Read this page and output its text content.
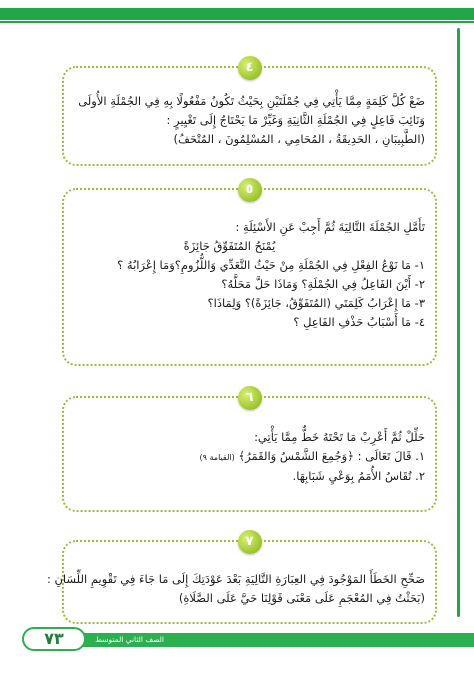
٤
ضَعْ كُلَّ كَلِمَةٍ مِمَّا يَأْتِي فِي جُمْلَتَيْنِ بِحَيْثُ تَكُونُ مَفْعُولًا بِهِ فِي الجُمْلَةِ الأُولَى
وَنَائِبَ فَاعِلٍ فِي الجُمْلَةِ الثَّانِيَةِ وَغَيِّرْ مَا يَحْتَاجُ إِلَى تَغْيِيرٍ :
(الطَّبِيبَانِ ، الحَدِيقَةُ ، المُحَامِي ، المُسْلِمُونَ ، المُتْحَفُ)
٥
تَأَمَّلِ الجُمْلَةَ التَّالِيَةَ ثُمَّ أَجِبْ عَنِ الأَسْئِلَةِ :
يُمْنَحُ المُتَفَوِّقُ جَائِزَةً
١- مَا نَوْعُ الفِعْلِ فِي الجُمْلَةِ مِنْ حَيْثُ التَّعَدِّي وَاللُّزُومِ؟وَمَا إِعْرَابُهُ ؟
٢- أَيْنَ الفَاعِلُ فِي الجُمْلَةِ؟ وَمَاذَا حَلَّ مَحَلَّهُ؟
٣- مَا إِعْرَابُ كَلِمَتَي (المُتَفَوِّقُ، جَائِزَةً)؟ وَلِمَاذَا؟
٤- مَا أَسْبَابُ حَذْفِ الفَاعِلِ ؟
٦
حَلِّلْ ثُمَّ أَعْرِبْ مَا تَحْتَهُ خَطٌّ مِمَّا يَأْتِي:
١. قَالَ تَعَالَى : ﴿وَجُمِعَ الشَّمْسُ وَالقَمَرُ﴾ (القيامة ٩)
٢. تُقَاسُ الأُمَمُ بِوَعْيِ شَبَابِهَا.
٧
صَحِّحِ الخَطَأَ المَوْجُودَ فِي العِبَارَةِ التَّالِيَةِ بَعْدَ عَوْدَتِكَ إِلَى مَا جَاءَ فِي تَقْوِيمِ اللِّسَانِ :
(بَحَثْتُ فِي المُعْجَمِ عَلَى مَعْنَى قَوْلِنَا حَيَّ عَلَى الصَّلَاةِ)
الصف الثاني المتوسط
٧٣
